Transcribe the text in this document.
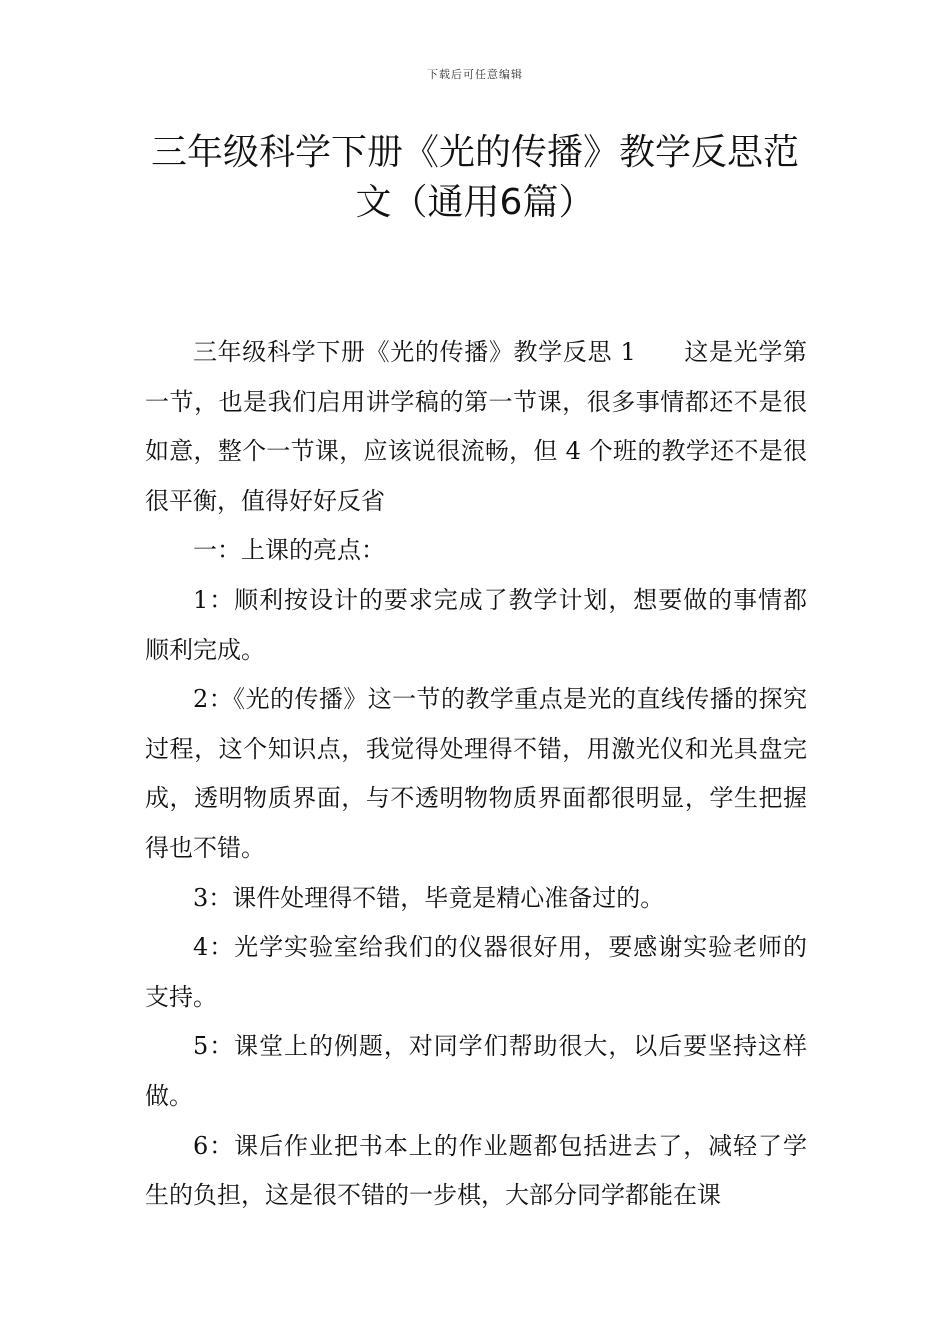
下载后可任意编辑
三年级科学下册《光的传播》教学反思范
文（通用6篇）

三年级科学下册《光的传播》教学反思 1 这是光学第一节，也是我们启用讲学稿的第一节课，很多事情都还不是很如意，整个一节课，应该说很流畅，但 4 个班的教学还不是很很平衡，值得好好反省

一：上课的亮点：

1：顺利按设计的要求完成了教学计划，想要做的事情都顺利完成。

2：《光的传播》这一节的教学重点是光的直线传播的探究过程，这个知识点，我觉得处理得不错，用激光仪和光具盘完成，透明物质界面，与不透明物物质界面都很明显，学生把握得也不错。

3：课件处理得不错，毕竟是精心准备过的。

4：光学实验室给我们的仪器很好用，要感谢实验老师的支持。

5：课堂上的例题，对同学们帮助很大，以后要坚持这样做。

6：课后作业把书本上的作业题都包括进去了，减轻了学生的负担，这是很不错的一步棋，大部分同学都能在课
